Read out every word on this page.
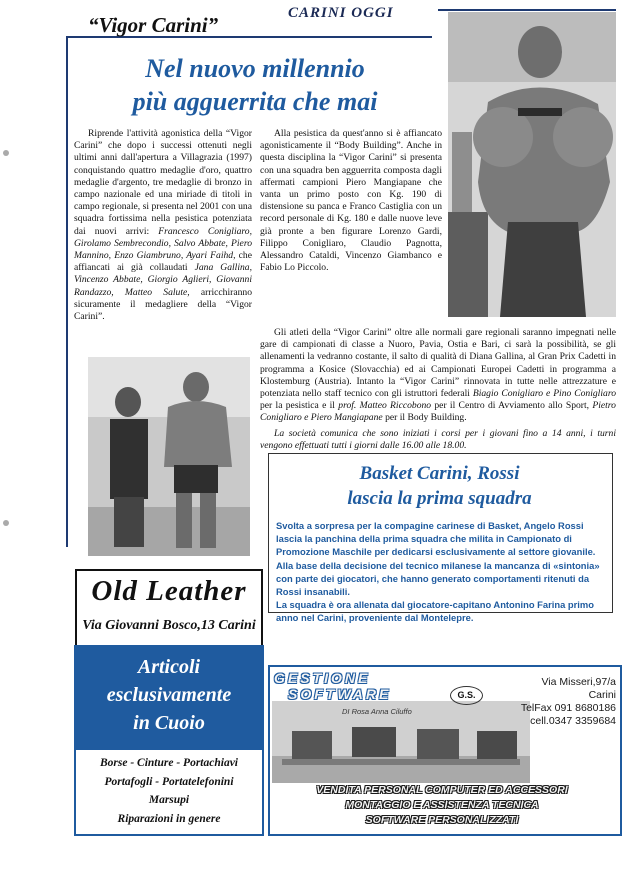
“Vigor Carini”	CARINI OGGI
Nel nuovo millennio
più agguerrita che mai

Riprende l'attività agonistica della “Vigor Carini” che dopo i successi ottenuti negli ultimi anni dall'apertura a Villagrazia (1997) conquistando quattro medaglie d'oro, quattro medaglie d'argento, tre medaglie di bronzo in campo nazionale ed una miriade di titoli in campo regionale, si presenta nel 2001 con una squadra fortissima nella pesistica potenziata dai nuovi arrivi: Francesco Conigliaro, Girolamo Sembrecondio, Salvo Abbate, Piero Mannino, Enzo Giambruno, Ayari Faihd, che affiancati ai già collaudati Jana Gallina, Vincenzo Abbate, Giorgio Aglieri, Giovanni Randazzo, Matteo Salute, arricchiranno sicuramente il medagliere della “Vigor Carini”.

Alla pesistica da quest'anno si è affiancato agonisticamente il “Body Building”. Anche in questa disciplina la “Vigor Carini” si presenta con una squadra ben agguerrita composta dagli affermati campioni Piero Mangiapane che vanta un primo posto con Kg. 190 di distensione su panca e Franco Castiglia con un record personale di Kg. 180 e dalle nuove leve già pronte a ben figurare Lorenzo Gardi, Filippo Conigliaro, Claudio Pagnotta, Alessandro Cataldi, Vincenzo Giambanco e Fabio Lo Piccolo.

Gli atleti della “Vigor Carini” oltre alle normali gare regionali saranno impegnati nelle gare di campionati di classe a Nuoro, Pavia, Ostia e Bari, ci sarà la possibilità, se gli allenamenti la vedranno costante, il salto di qualità di Diana Gallina, al Gran Prix Cadetti in programma a Kosice (Slovacchia) ed ai Campionati Europei Cadetti in programma a Klostemburg (Austria). Intanto la “Vigor Carini” rinnovata in tutte nelle attrezzature e potenziata nello staff tecnico con gli istruttori federali Biagio Conigliaro e Pino Conigliaro per la pesistica e il prof. Matteo Riccobono per il Centro di Avviamento allo Sport, Pietro Conigliaro e Piero Mangiapane per il Body Building.

La società comunica che sono iniziati i corsi per i giovani fino a 14 anni, i turni vengono effettuati tutti i giorni dalle 16.00 alle 18.00.

Basket Carini, Rossi
lascia la prima squadra

Svolta a sorpresa per la compagine carinese di Basket, Angelo Rossi lascia la panchina della prima squadra che milita in Campionato di Promozione Maschile per dedicarsi esclusivamente al settore giovanile.

Alla base della decisione del tecnico milanese la mancanza di «sintonia» con parte dei giocatori, che hanno generato comportamenti ritenuti da Rossi insanabili.

La squadra è ora allenata dal giocatore-capitano Antonino Farina primo anno nel Carini, proveniente dal Montelepre.

Old Leather
Via Giovanni Bosco,13 Carini
Articoli
esclusivamente
in Cuoio
Borse - Cinture - Portachiavi
Portafogli - Portatelefonini
Marsupi
Riparazioni in genere
GESTIONE
SOFTWARE
DI Rosa Anna Ciluffo
G.S.
Via Misseri,97/a
Carini
TelFax 091 8680186
cell.0347 3359684
VENDITA PERSONAL COMPUTER ED ACCESSORI
MONTAGGIO E ASSISTENZA TECNICA
SOFTWARE PERSONALIZZATI
